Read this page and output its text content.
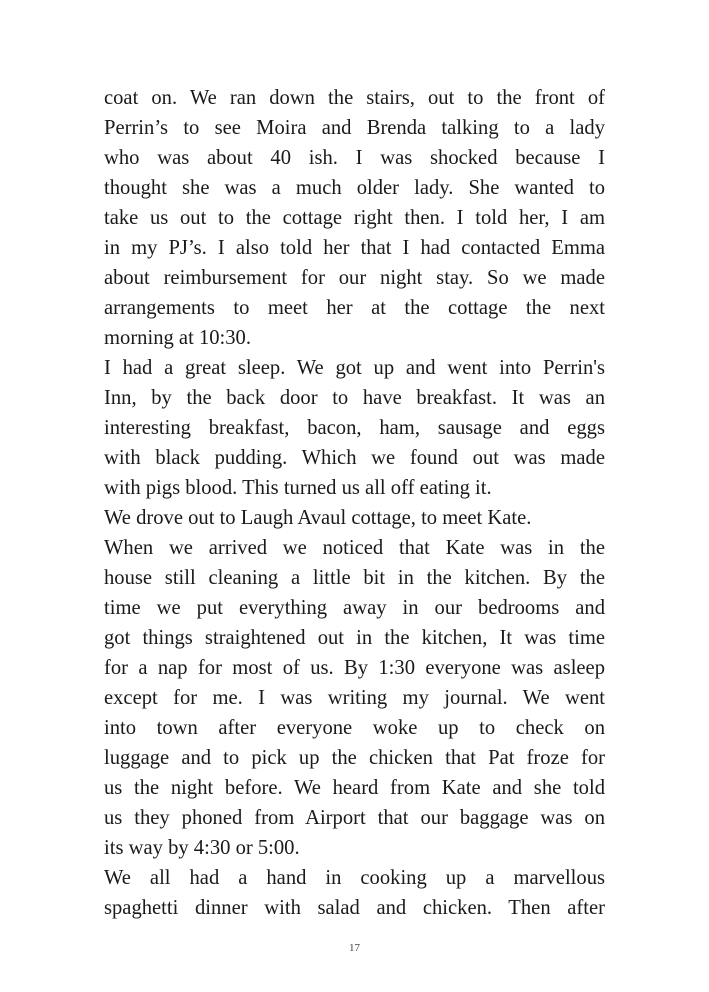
coat on. We ran down the stairs, out to the front of
Perrin’s to see Moira and Brenda talking to a lady
who was about 40 ish. I was shocked because I
thought she was a much older lady. She wanted to
take us out to the cottage right then. I told her, I am
in my PJ’s. I also told her that I had contacted Emma
about reimbursement for our night stay. So we made
arrangements to meet her at the cottage the next
morning at 10:30.
I had a great sleep. We got up and went into Perrin's
Inn, by the back door to have breakfast. It was an
interesting breakfast, bacon, ham, sausage and eggs
with black pudding. Which we found out was made
with pigs blood. This turned us all off eating it.
We drove out to Laugh Avaul cottage, to meet Kate.
When we arrived we noticed that Kate was in the
house still cleaning a little bit in the kitchen. By the
time we put everything away in our bedrooms and
got things straightened out in the kitchen, It was time
for a nap for most of us. By 1:30 everyone was asleep
except for me. I was writing my journal. We went
into town after everyone woke up to check on
luggage and to pick up the chicken that Pat froze for
us the night before. We heard from Kate and she told
us they phoned from Airport that our baggage was on
its way by 4:30 or 5:00.
We all had a hand in cooking up a marvellous
spaghetti dinner with salad and chicken. Then after
17
